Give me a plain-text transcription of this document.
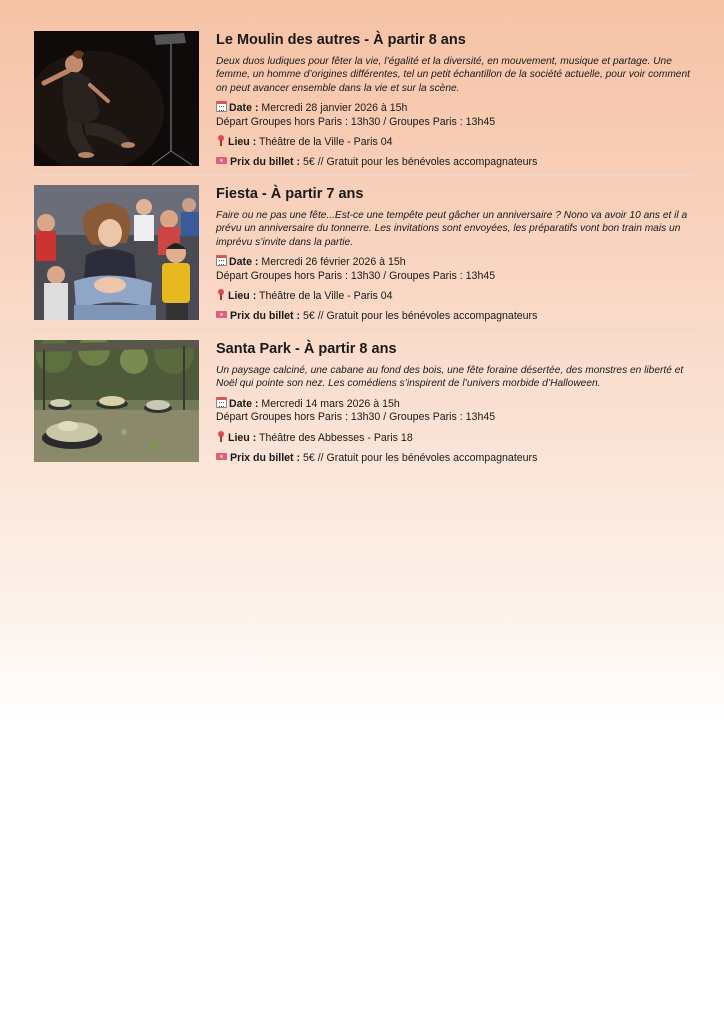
Le Moulin des autres - À partir 8 ans

Deux duos ludiques pour fêter la vie, l’égalité et la diversité, en mouvement, musique et partage. Une femme, un homme d’origines différentes, tel un petit échantillon de la société actuelle, pour voir comment on peut avancer ensemble dans la vie et sur la scène.

Date : Mercredi 28 janvier 2026 à 15h

Départ Groupes hors Paris : 13h30 / Groupes Paris : 13h45

Lieu : Théâtre de la Ville - Paris 04

Prix du billet : 5€ // Gratuit pour les bénévoles accompagnateurs

Fiesta - À partir 7 ans

Faire ou ne pas une fête...Est-ce une tempête peut gâcher un anniversaire ? Nono va avoir 10 ans et il a prévu un anniversaire du tonnerre. Les invitations sont envoyées, les préparatifs vont bon train mais un imprévu s’invite dans la partie.

Date : Mercredi 26 février 2026 à 15h

Départ Groupes hors Paris : 13h30 / Groupes Paris : 13h45

Lieu : Théâtre de la Ville - Paris 04

Prix du billet : 5€ // Gratuit pour les bénévoles accompagnateurs

Santa Park - À partir 8 ans

Un paysage calciné, une cabane au fond des bois, une fête foraine désertée, des monstres en liberté et Noël qui pointe son nez. Les comédiens s’inspirent de l’univers morbide d’Halloween.

Date : Mercredi 14 mars 2026 à 15h

Départ Groupes hors Paris : 13h30 / Groupes Paris : 13h45

Lieu : Théâtre des Abbesses - Paris 18

Prix du billet : 5€ // Gratuit pour les bénévoles accompagnateurs
